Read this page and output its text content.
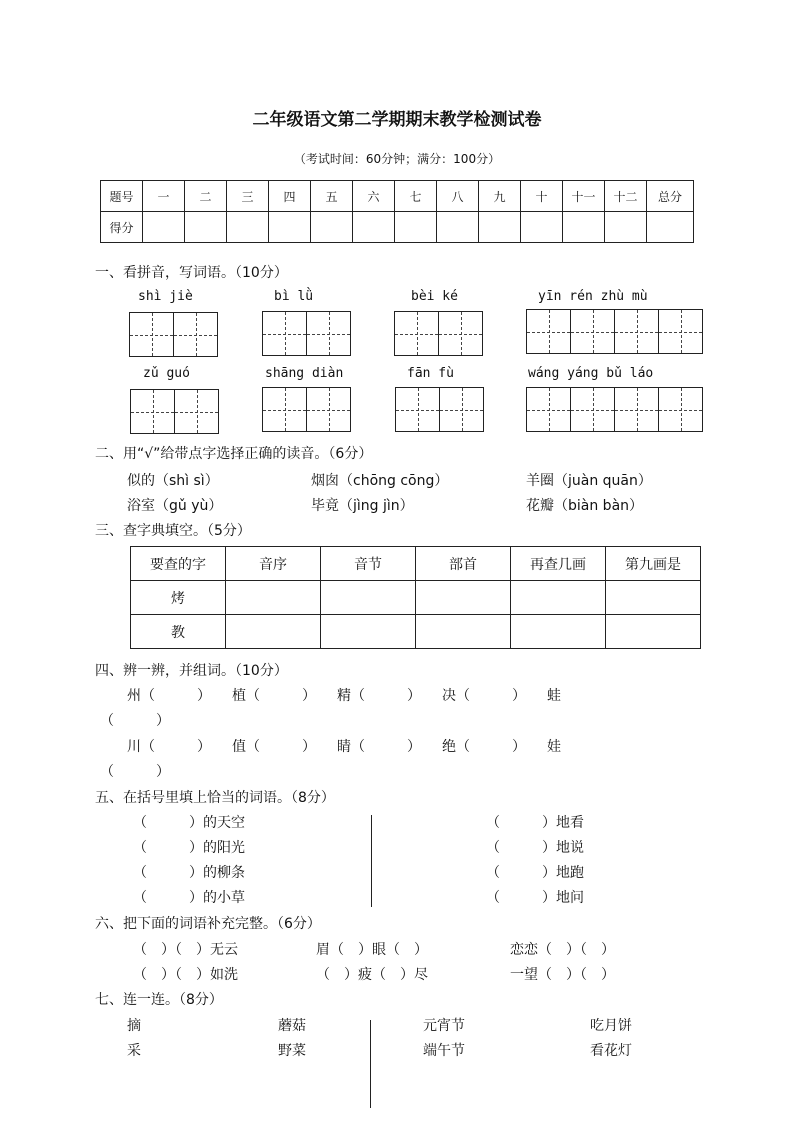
二年级语文第二学期期末教学检测试卷
（考试时间：60分钟；满分：100分）
题号	一	二	三	四	五	六	七	八	九	十	十一	十二	总分
得分													
一、看拼音，写词语。（10分）
shì jiè	bì lǜ	bèi ké	yīn rén zhù mù
zǔ guó	shāng diàn	fān fù	wáng yáng bǔ láo
二、用“√”给带点字选择正确的读音。（6分）
似的（shì sì）	烟囱（chōng cōng）	羊圈（juàn quān）
浴室（gǔ yù）	毕竟（jìng jìn）	花瓣（biàn bàn）
三、查字典填空。（5分）
要查的字	音序	音节	部首	再查几画	第九画是
烤					
教					
四、辨一辨，并组词。（10分）
州（　　　）　　植（　　　）　　精（　　　）　　决（　　　）　　蛙
（　　　）
川（　　　）　　值（　　　）　　睛（　　　）　　绝（　　　）　　娃
（　　　）
五、在括号里填上恰当的词语。（8分）
（　　　）的天空
（　　　）的阳光
（　　　）的柳条
（　　　）的小草
（　　　）地看
（　　　）地说
（　　　）地跑
（　　　）地问
六、把下面的词语补充完整。（6分）
（　）（　）无云	眉（　）眼（　）	恋恋（　）（　）
（　）（　）如洗	（　）疲（　）尽	一望（　）（　）
七、连一连。（8分）
摘	蘑菇	元宵节	吃月饼
采	野菜	端午节	看花灯
